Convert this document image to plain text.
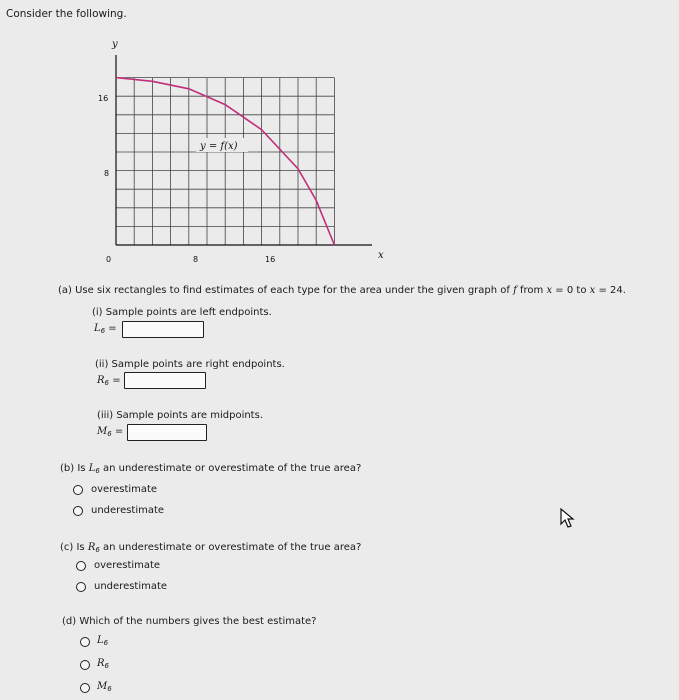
Consider the following.
y = f(x)
y
x
16
8
0	8	16
(a) Use six rectangles to find estimates of each type for the area under the given graph of f from x = 0 to x = 24.
(i) Sample points are left endpoints.
$L_6$ =
(ii) Sample points are right endpoints.
$R_6$ =
(iii) Sample points are midpoints.
$M_6$ =
(b) Is $L_6$ an underestimate or overestimate of the true area?
overestimate
underestimate
(c) Is $R_6$ an underestimate or overestimate of the true area?
overestimate
underestimate
(d) Which of the numbers gives the best estimate?
$L_6$
$R_6$
$M_6$
